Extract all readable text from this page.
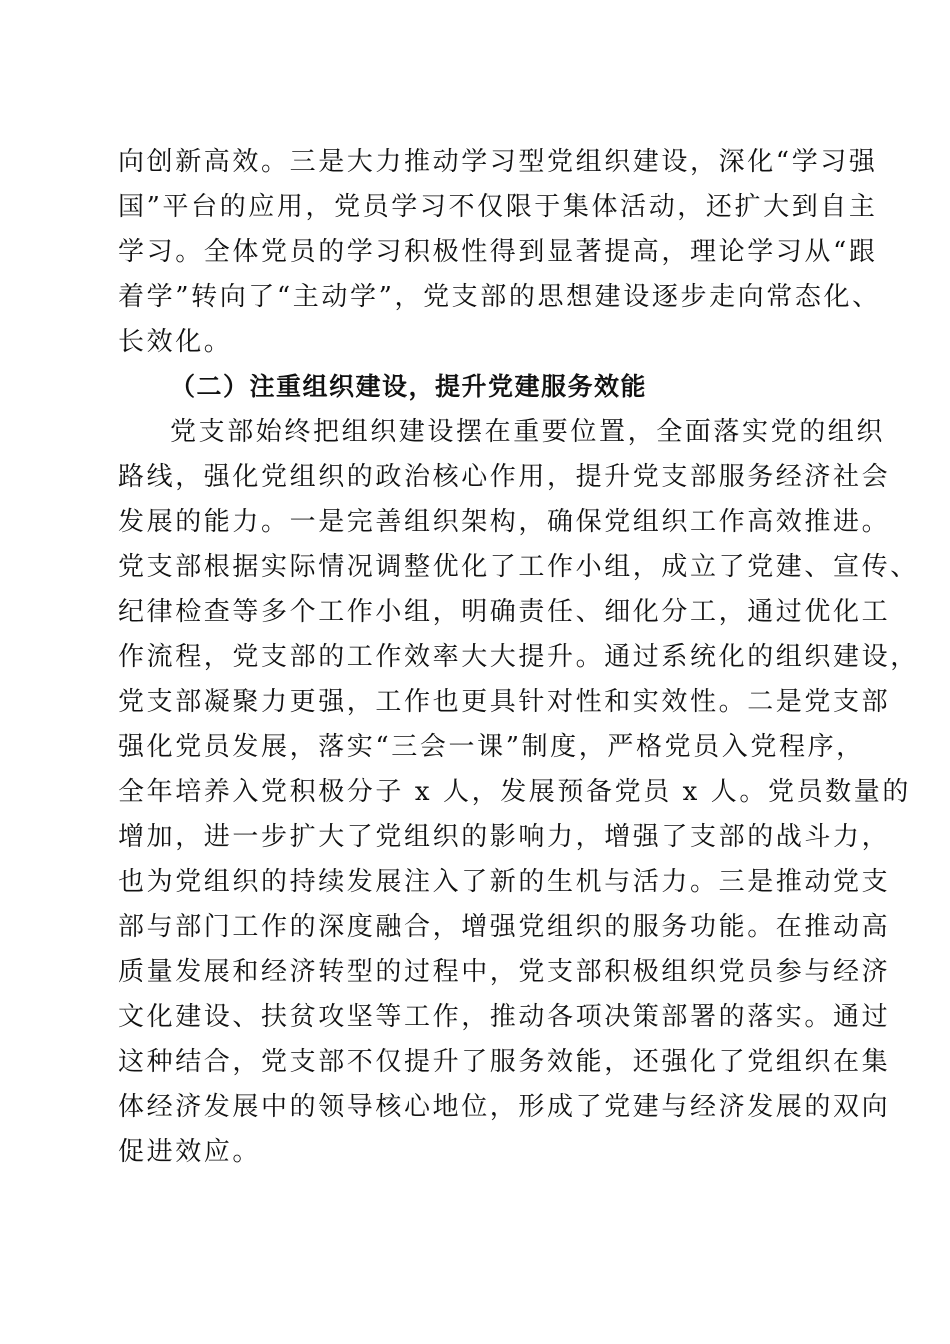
向创新高效。三是大力推动学习型党组织建设，深化“学习强
国”平台的应用，党员学习不仅限于集体活动，还扩大到自主
学习。全体党员的学习积极性得到显著提高，理论学习从“跟
着学”转向了“主动学”，党支部的思想建设逐步走向常态化、
长效化。
（二）注重组织建设，提升党建服务效能
党支部始终把组织建设摆在重要位置，全面落实党的组织
路线，强化党组织的政治核心作用，提升党支部服务经济社会
发展的能力。一是完善组织架构，确保党组织工作高效推进。
党支部根据实际情况调整优化了工作小组，成立了党建、宣传、
纪律检查等多个工作小组，明确责任、细化分工，通过优化工
作流程，党支部的工作效率大大提升。通过系统化的组织建设，
党支部凝聚力更强，工作也更具针对性和实效性。二是党支部
强化党员发展，落实“三会一课”制度，严格党员入党程序，
全年培养入党积极分子 x 人，发展预备党员 x 人。党员数量的
增加，进一步扩大了党组织的影响力，增强了支部的战斗力，
也为党组织的持续发展注入了新的生机与活力。三是推动党支
部与部门工作的深度融合，增强党组织的服务功能。在推动高
质量发展和经济转型的过程中，党支部积极组织党员参与经济
文化建设、扶贫攻坚等工作，推动各项决策部署的落实。通过
这种结合，党支部不仅提升了服务效能，还强化了党组织在集
体经济发展中的领导核心地位，形成了党建与经济发展的双向
促进效应。
